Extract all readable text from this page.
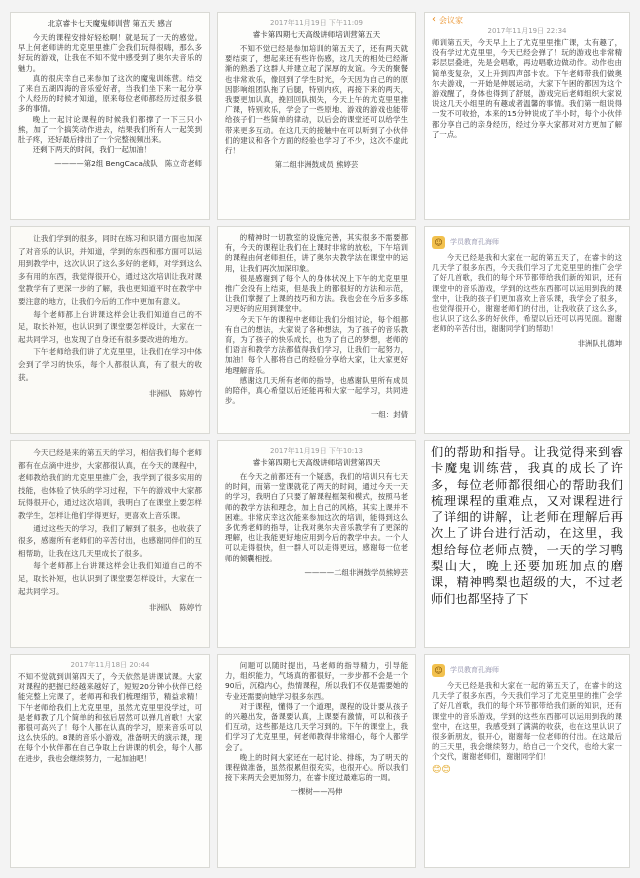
北京睿卡七天魔鬼师训营 第五天 感言

今天的课程安排好轻松啊！就是玩了一天的感觉。早上何老师讲的尤克里里推广会我们玩得很嗨，那么多好玩的游戏，让我在不知不觉中感受到了奥尔夫音乐的魅力。

真的很庆幸自己来参加了这次的魔鬼训练营。结交了来自五湖四海的音乐爱好者，当我们坐下来一起分享个人经历的时候才知道，原来每位老师都经历过很多很多的事情。

晚上一起讨论课程的时候我们都撑了一下三只小熊，加了一个搞笑动作进去，结果我们所有人一起笑到肚子疼，还好最后排出了一个完整视频出来。

还剩下两天的时间，我们一起加油！

————第2组 BengCaca战队　陈立奇老师
2017年11月19日 下午11:09
睿卡第四期七天高级讲师培训营第五天

不知不觉已经是参加培训的第五天了，还有两天就要结束了，想起来还有些许伤感，这几天的相处已经渐渐的熟悉了这群人并建立起了深厚的友谊。今天的聚餐也非常欢乐，像回到了学生时光，今天因为自己的的原因影响组团队拖了后腿，特别内疚，再接下来的两天，我要更加认真，挽回回队损失，今天上午的尤克里里推广课，特别欢乐，学会了一些原地、游戏的游戏也能带给孩子们一些简单的律动，以后会的课堂还可以给学生带来更多互动。在这几天的接触中在可以听到了小伙伴们的建议和各个方面的经验也学习了不少，这次不虚此行！

第二组非洲鼓成员 熊婷芸
‹ 会议家
2017年11月19日 22:34

师训第五天，今天早上上了尤克里里推广课，太有趣了，没有学过尤克里里，今天已经会弹了！玩的游戏也非常精彩层层叠进，先是会唱歌，再边唱歌边做动作。动作也由简单变复杂，又上升到四声部卡农。下午老师带我们做奥尔夫游戏，一开始是伸展运动，大家下午困的都因为这个游戏醒了，身体也得到了舒展，游戏完后老师组织大家说说这几天小组里的有趣或者温馨的事情。我们第一组说得一发不可收拾，本来的15分钟说成了半小时，每个小伙伴都分享自己的亲身经历，经过分享大家都对对方更加了解了一点。

让我们学到的很多，同时在练习和识谱方面也加深了对音乐的认识，并知道，学到的东西和那方面可以运用到教学中，这次认识了这么多好的老师，对学到这么多有用的东西，我觉得很开心，通过这次培训让我对课堂教学有了更深一步的了解，我也更知道平时在教学中要注意的地方，让我们今后的工作中更加有意义。

每个老师都上台讲课这样会让我们知道自己的不足，取长补短，也认识到了课堂要怎样设计，大家在一起共同学习，也发现了自身还有很多要改进的地方。

下午老师给我们讲了尤克里里，让我们在学习中体会到了学习的快乐，每个人都很认真，有了很大的收获。

非洲队　陈婷竹

的精神时一切教室的设施完善，其实很多不需要都有，今天的课程让我们在上课时非常的放松，下午培训的课程由何老师担任，讲了奥尔夫教学法在课堂中的运用，让我们再次加深印象。

很是感谢到了每个人的身体状况上下午的尤克里里推广会没有上结束，但是我上的都很好的方法和示范，让我们掌握了上课的技巧和方法。我也会在今后多多练习更好的应用到课堂中。

今天下午的课程中老师让我们分组讨论，每个组都有自己的想法，大家说了各种想法，为了孩子的音乐教育，为了孩子的快乐成长，也为了自己的梦想，老师的们语言和教学方法都值得我们学习，让我们一起努力，加油！每个人都将自己的经验分享给大家，让大家更好地理解音乐。

感谢这几天所有老师的指导，也感谢队里所有成员的陪伴，真心希望以后还能再和大家一起学习，共同进步。

一组：封倩
☺	学员教育孔海师

今天已经是我和大家在一起的第五天了，在睿卡的这几天学了很多东西，今天我们学习了尤克里里的推广会学了好几首歌，我们的每个环节都带给我们新的知识，还有课堂中的音乐游戏，学到的这些东西都可以运用到我的课堂中，让我的孩子们更加喜欢上音乐课，我学会了很多，也觉得很开心，谢谢老师们的付出，让我收获了这么多，也认识了这么多的好伙伴，希望以后还可以再见面。谢谢老师的辛苦付出，谢谢同学们的帮助！

非洲队扎德坤

今天已经是来的第五天的学习，相信我们每个老师都有在点滴中进步，大家都很认真，在今天的课程中，老师教给我们的尤克里里推广会，我学到了很多实用的技能，也体验了快乐的学习过程，下午的游戏中大家都玩得很开心，通过这次培训，我明白了在课堂上要怎样教学生，怎样让他们学得更好，更喜欢上音乐课。

通过这些天的学习，我们了解到了很多，也收获了很多，感谢所有老师们的辛苦付出，也感谢同伴们的互相帮助，让我在这几天里成长了很多。

每个老师都上台讲课这样会让我们知道自己的不足，取长补短，也认识到了课堂要怎样设计，大家在一起共同学习。

非洲队　陈婷竹
2017年11月19日 下午10:13
睿卡第四期七天高级讲师培训营第四天

在今天之前都还有一个疑惑，我们的培训只有七天的时间，而第一堂课就花了两天的时间，通过今天一天的学习，我明白了只要了解课程框架和模式，按照马老师的教学方法和理念，加上自己的风格，其实上课并不困难。非常庆幸这次能来参加这次的培训，能得到这么多优秀老师的指导，让我对奥尔夫音乐教学有了更深的理解，也让我能更好地应用到今后的教学中去。一个人可以走得很快，但一群人可以走得更远，感谢每一位老师的倾囊相授。

————二组非洲鼓学员熊婷芸

们的帮助和指导。让我觉得来到睿卡魔鬼训练营，我真的成长了许多，每位老师都很细心的帮助我们梳理课程的重难点，又对课程进行了详细的讲解，让老师在理解后再次上了讲台进行活动，在这里，我想给每位老师点赞，一天的学习鸭梨山大，晚上还要加班加点的磨课，精神鸭梨也超级的大，不过老师们也都坚持了下

2017年11月18日 20:44

不知不觉就到训第四天了，今天依然是讲课试课。大家对课程的把握已经越来越好了，短短20分钟小伙伴已经能完整上完课了，老师再和我们梳理细节，精益求精！下午老师给我们上尤克里里，虽然尤克里里没学过，可是老师教了几个简单的和弦后居然可以弹几首歌！大家都很可高兴了！每个人都在认真的学习，原来音乐可以这么快乐的。8课的音乐小游戏，准备明天的演示课，现在每个小伙伴都在自己争取上台讲课的机会，每个人都在进步，我也会继续努力，一起加油吧！

问题可以随时提出，马老师的指导精力，引导能力，组织能力，气场真的都很好，一步步都不会是一个90后，沉稳内心，热情课程，所以我们不仅是需要她的专业还需要向她学习很多东西。

对于课程，懂得了一个道理，课程的设计要从孩子的兴趣出发，备课要认真，上课要有激情，可以和孩子们互动，这些都是这几天学习到的。下午的课堂上，我们学习了尤克里里，何老师教得非常细心，每个人都学会了。

晚上的时间大家还在一起讨论、排练，为了明天的课程做准备，虽然很累但很充实，也很开心。所以我们接下来两天会更加努力，在睿卡度过最难忘的一周。

一棵树——冯伸
☺	学员教育孔海师

今天已经是我和大家在一起的第五天了，在睿卡的这几天学了很多东西，今天我们学习了尤克里里的推广会学了好几首歌，我们的每个环节都带给我们新的知识，还有课堂中的音乐游戏，学到的这些东西都可以运用到我的课堂中，在这里，我感受到了满满的收获，也在这里认识了很多新朋友，很开心，谢谢每一位老师的付出。在这最后的三天里，我会继续努力，给自己一个交代，也给大家一个交代，谢谢老师们，谢谢同学们！

😊😊
